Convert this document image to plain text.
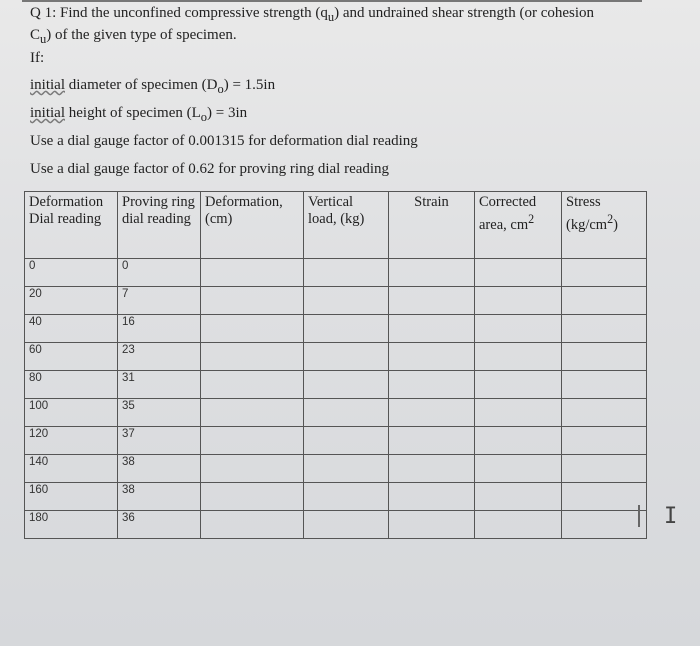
Q 1: Find the unconfined compressive strength $(q_u)$ and undrained shear strength (or cohesion
$C_u$) of the given type of specimen.
If:
initial diameter of specimen $(D_o) = 1.5in$
initial height of specimen $(L_o) = 3in$
Use a dial gauge factor of 0.001315 for deformation dial reading
Use a dial gauge factor of 0.62 for proving ring dial reading
Deformation Dial reading	Proving ring dial reading	Deformation, (cm)	Vertical load, (kg)	Strain	Corrected area, $cm^2$	Stress $(kg/cm^2)$
0	0					
20	7					
40	16					
60	23					
80	31					
100	35					
120	37					
140	38					
160	38					
180	36						I
